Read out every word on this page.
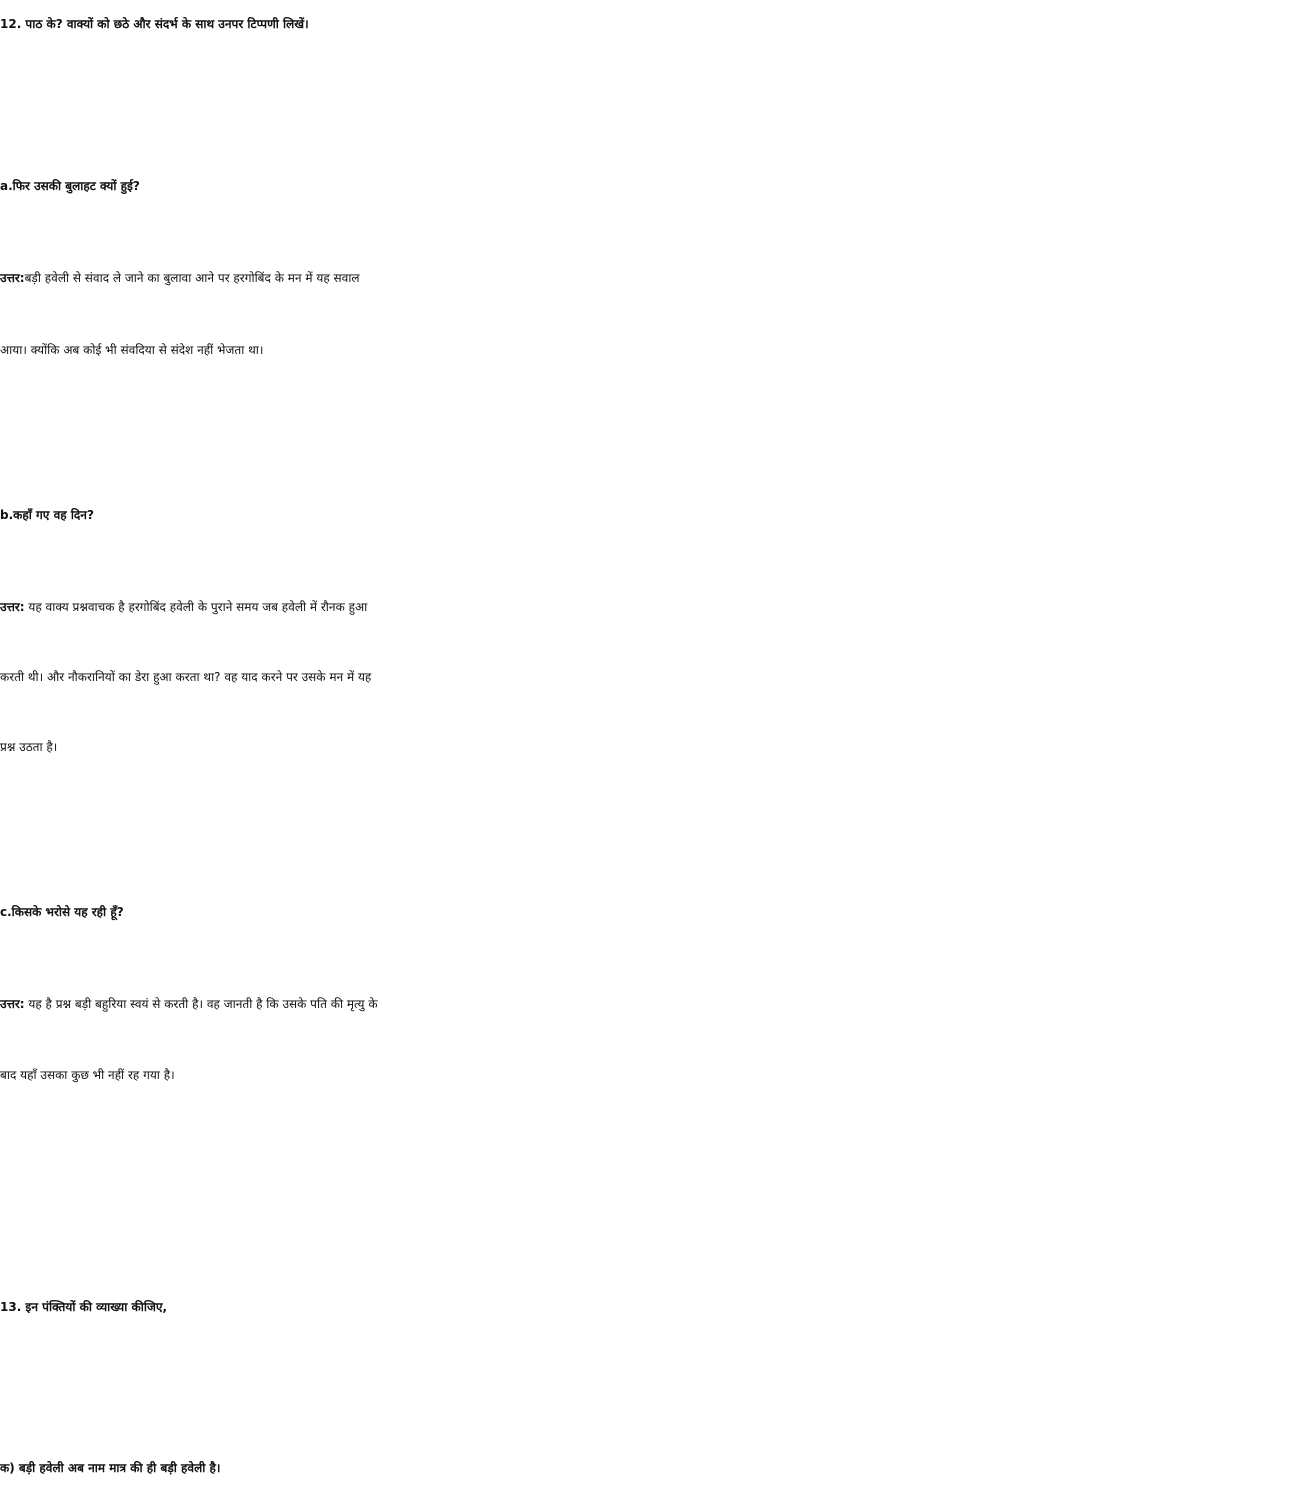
12. पाठ के? वाक्यों को छठे और संदर्भ के साथ उनपर टिप्पणी लिखें।
a.फिर उसकी बुलाहट क्यों हुई?
उत्तर:बड़ी हवेली से संवाद ले जाने का बुलावा आने पर हरगोबिंद के मन में यह सवाल
आया। क्योंकि अब कोई भी संवदिया से संदेश नहीं भेजता था।
b.कहाँ गए वह दिन?
उत्तर: यह वाक्य प्रश्नवाचक है हरगोबिंद हवेली के पुराने समय जब हवेली में रौनक हुआ
करती थी। और नौकरानियों का डेरा हुआ करता था? वह याद करने पर उसके मन में यह
प्रश्न उठता है।
c.किसके भरोसे यह रही हूँ?
उत्तर: यह है प्रश्न बड़ी बहुरिया स्वयं से करती है। वह जानती है कि उसके पति की मृत्यु के
बाद यहाँ उसका कुछ भी नहीं रह गया है।
13. इन पंक्तियों की व्याख्या कीजिए,
क) बड़ी हवेली अब नाम मात्र की ही बड़ी हवेली है।
